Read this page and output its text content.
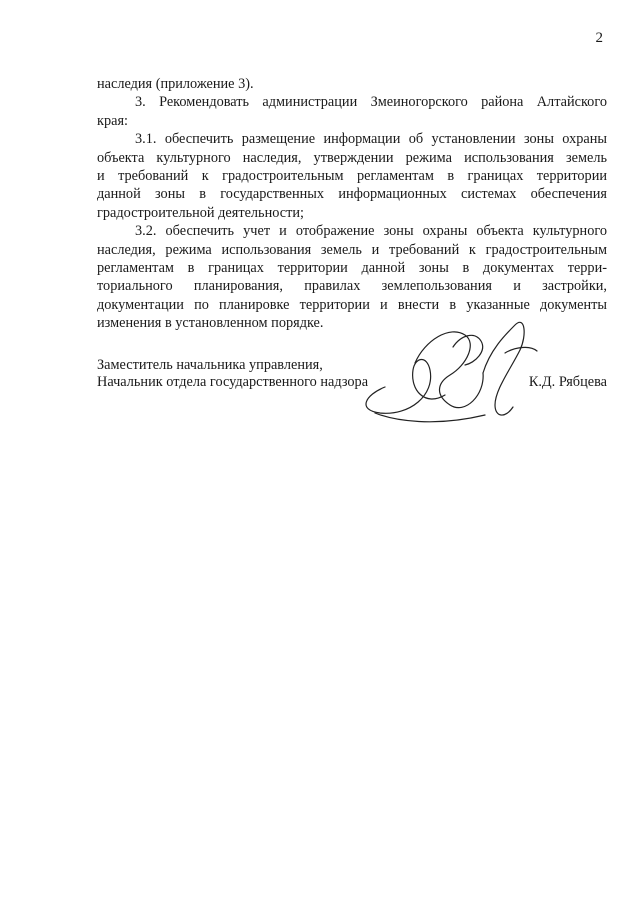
2
наследия (приложение 3).
3. Рекомендовать администрации Змеиногорского района Алтайского
края:
3.1. обеспечить размещение информации об установлении зоны охраны
объекта культурного наследия, утверждении режима использования земель
и требований к градостроительным регламентам в границах территории
данной зоны в государственных информационных системах обеспечения
градостроительной деятельности;
3.2. обеспечить учет и отображение зоны охраны объекта культурного
наследия, режима использования земель и требований к градостроительным
регламентам в границах территории данной зоны в документах терри-
ториального планирования, правилах землепользования и застройки,
документации по планировке территории и внести в указанные документы
изменения в установленном порядке.
Заместитель начальника управления,
Начальник отдела государственного надзора	К.Д. Рябцева
